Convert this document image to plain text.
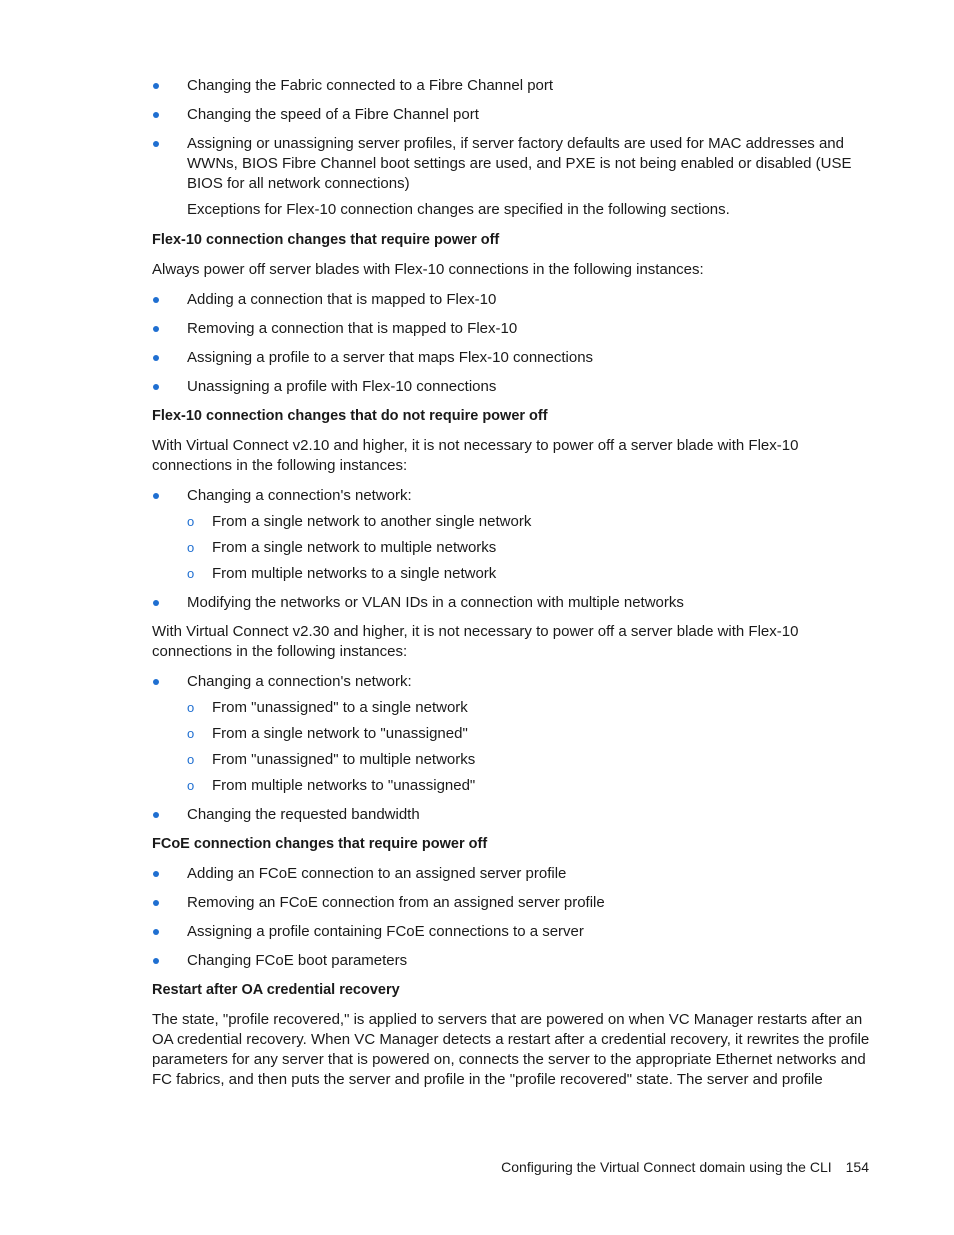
Changing the Fabric connected to a Fibre Channel port
Changing the speed of a Fibre Channel port
Assigning or unassigning server profiles, if server factory defaults are used for MAC addresses and WWNs, BIOS Fibre Channel boot settings are used, and PXE is not being enabled or disabled (USE BIOS for all network connections)

Exceptions for Flex-10 connection changes are specified in the following sections.

Flex-10 connection changes that require power off

Always power off server blades with Flex-10 connections in the following instances:

Adding a connection that is mapped to Flex-10
Removing a connection that is mapped to Flex-10
Assigning a profile to a server that maps Flex-10 connections
Unassigning a profile with Flex-10 connections
Flex-10 connection changes that do not require power off

With Virtual Connect v2.10 and higher, it is not necessary to power off a server blade with Flex-10 connections in the following instances:

Changing a connection's network:
o From a single network to another single network
o From a single network to multiple networks
o From multiple networks to a single network
Modifying the networks or VLAN IDs in a connection with multiple networks

With Virtual Connect v2.30 and higher, it is not necessary to power off a server blade with Flex-10 connections in the following instances:

Changing a connection's network:
o From "unassigned" to a single network
o From a single network to "unassigned"
o From "unassigned" to multiple networks
o From multiple networks to "unassigned"
Changing the requested bandwidth
FCoE connection changes that require power off
Adding an FCoE connection to an assigned server profile
Removing an FCoE connection from an assigned server profile
Assigning a profile containing FCoE connections to a server
Changing FCoE boot parameters
Restart after OA credential recovery

The state, "profile recovered," is applied to servers that are powered on when VC Manager restarts after an OA credential recovery. When VC Manager detects a restart after a credential recovery, it rewrites the profile parameters for any server that is powered on, connects the server to the appropriate Ethernet networks and FC fabrics, and then puts the server and profile in the "profile recovered" state. The server and profile

Configuring the Virtual Connect domain using the CLI 154
